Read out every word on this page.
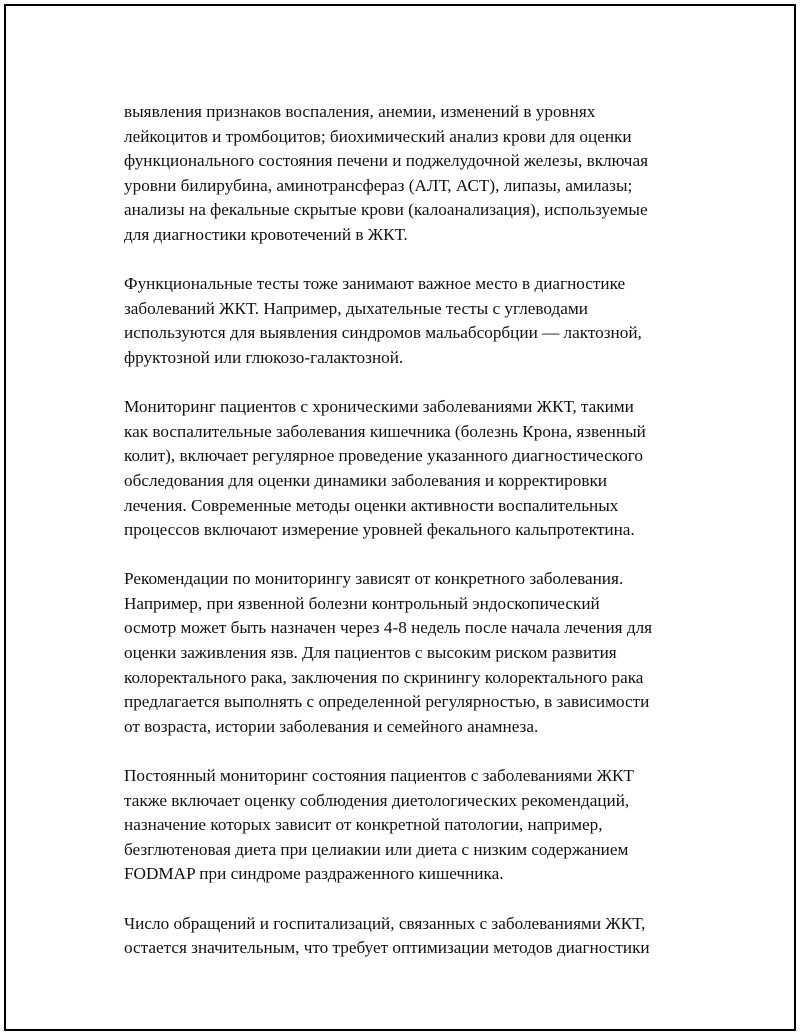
выявления признаков воспаления, анемии, изменений в уровнях
лейкоцитов и тромбоцитов; биохимический анализ крови для оценки
функционального состояния печени и поджелудочной железы, включая
уровни билирубина, аминотрансфераз (АЛТ, АСТ), липазы, амилазы;
анализы на фекальные скрытые крови (калоанализация), используемые
для диагностики кровотечений в ЖКТ.

Функциональные тесты тоже занимают важное место в диагностике
заболеваний ЖКТ. Например, дыхательные тесты с углеводами
используются для выявления синдромов мальабсорбции — лактозной,
фруктозной или глюкозо-галактозной.

Мониторинг пациентов с хроническими заболеваниями ЖКТ, такими
как воспалительные заболевания кишечника (болезнь Крона, язвенный
колит), включает регулярное проведение указанного диагностического
обследования для оценки динамики заболевания и корректировки
лечения. Современные методы оценки активности воспалительных
процессов включают измерение уровней фекального кальпротектина.

Рекомендации по мониторингу зависят от конкретного заболевания.
Например, при язвенной болезни контрольный эндоскопический
осмотр может быть назначен через 4-8 недель после начала лечения для
оценки заживления язв. Для пациентов с высоким риском развития
колоректального рака, заключения по скринингу колоректального рака
предлагается выполнять с определенной регулярностью, в зависимости
от возраста, истории заболевания и семейного анамнеза.

Постоянный мониторинг состояния пациентов с заболеваниями ЖКТ
также включает оценку соблюдения диетологических рекомендаций,
назначение которых зависит от конкретной патологии, например,
безглютеновая диета при целиакии или диета с низким содержанием
FODMAP при синдроме раздраженного кишечника.

Число обращений и госпитализаций, связанных с заболеваниями ЖКТ,
остается значительным, что требует оптимизации методов диагностики
